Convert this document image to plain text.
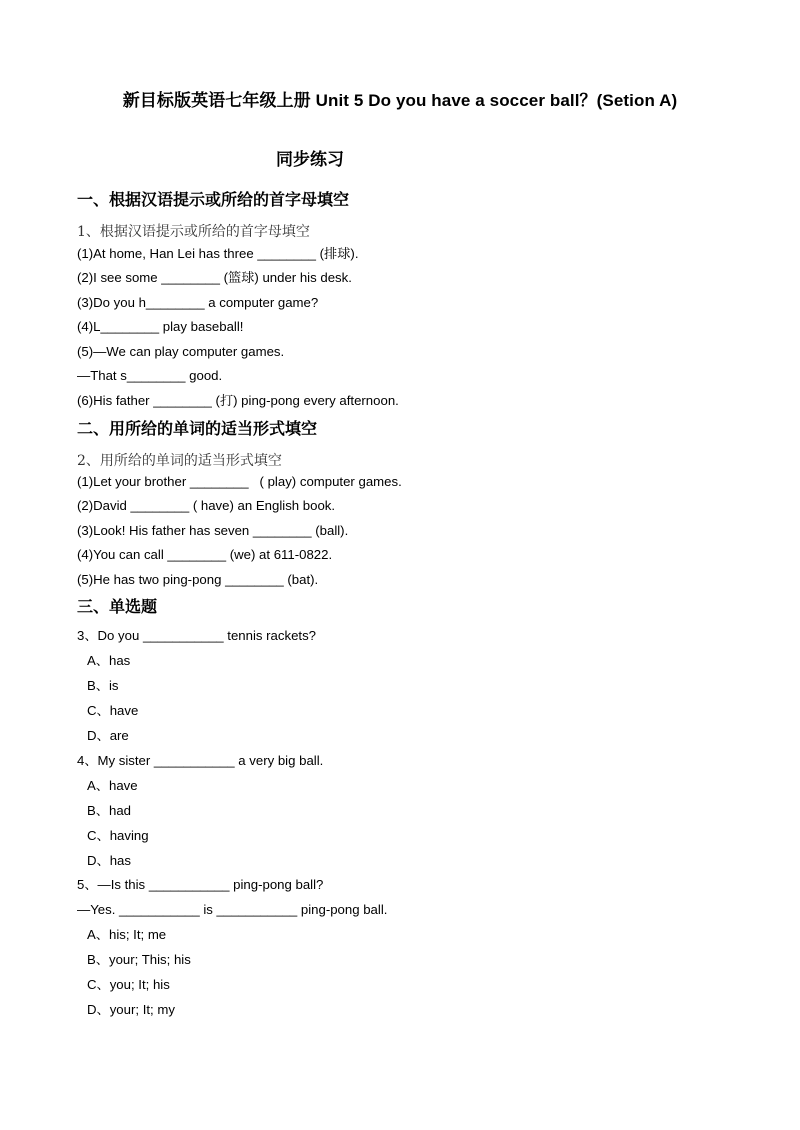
新目标版英语七年级上册 Unit 5 Do you have a soccer ball？(Setion A)
同步练习
一、根据汉语提示或所给的首字母填空
1、根据汉语提示或所给的首字母填空
(1)At home, Han Lei has three ________ (排球).
(2)I see some ________ (篮球) under his desk.
(3)Do you h________ a computer game?
(4)L________ play baseball!
(5)—We can play computer games.
—That s________ good.
(6)His father ________ (打) ping-pong every afternoon.
二、用所给的单词的适当形式填空
2、用所给的单词的适当形式填空
(1)Let your brother ________   ( play) computer games.
(2)David ________ ( have) an English book.
(3)Look! His father has seven ________ (ball).
(4)You can call ________ (we) at 611-0822.
(5)He has two ping-pong ________ (bat).
三、单选题
3、Do you ___________ tennis rackets?
A、has
B、is
C、have
D、are
4、My sister ___________ a very big ball.
A、have
B、had
C、having
D、has
5、—Is this ___________ ping-pong ball?
—Yes. ___________ is ___________ ping-pong ball.
A、his; It; me
B、your; This; his
C、you; It; his
D、your; It; my
